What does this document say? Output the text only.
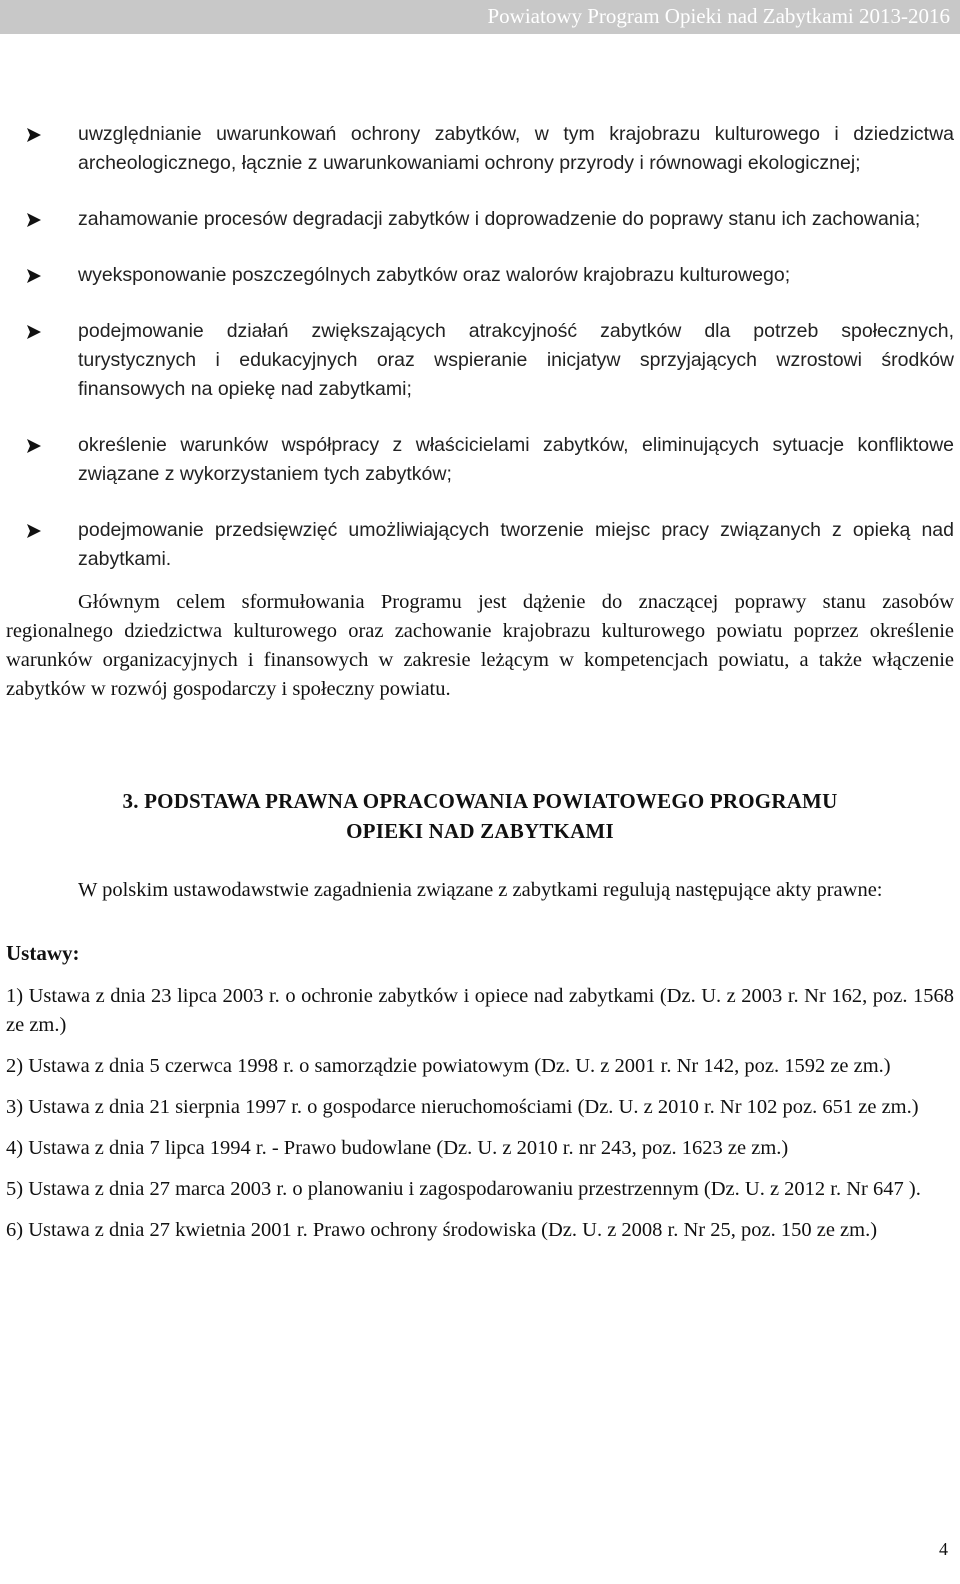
Powiatowy Program Opieki nad Zabytkami 2013-2016
uwzględnianie uwarunkowań ochrony zabytków, w tym krajobrazu kulturowego i dziedzictwa archeologicznego, łącznie z uwarunkowaniami ochrony przyrody i równowagi ekologicznej;
zahamowanie procesów degradacji zabytków i doprowadzenie do poprawy stanu ich zachowania;
wyeksponowanie poszczególnych zabytków oraz walorów krajobrazu kulturowego;
podejmowanie działań zwiększających atrakcyjność zabytków dla potrzeb społecznych, turystycznych i edukacyjnych oraz wspieranie inicjatyw sprzyjających wzrostowi środków finansowych na opiekę nad zabytkami;
określenie warunków współpracy z właścicielami zabytków, eliminujących sytuacje konfliktowe związane z wykorzystaniem tych zabytków;
podejmowanie przedsięwzięć umożliwiających tworzenie miejsc pracy związanych z opieką nad zabytkami.

Głównym celem sformułowania Programu jest dążenie do znaczącej poprawy stanu zasobów regionalnego dziedzictwa kulturowego oraz zachowanie krajobrazu kulturowego powiatu poprzez określenie warunków organizacyjnych i finansowych w zakresie leżącym w kompetencjach powiatu, a także włączenie zabytków w rozwój gospodarczy i społeczny powiatu.

3. PODSTAWA PRAWNA OPRACOWANIA POWIATOWEGO PROGRAMU
OPIEKI NAD ZABYTKAMI

W polskim ustawodawstwie zagadnienia związane z zabytkami regulują następujące akty prawne:

Ustawy:
1) Ustawa z dnia 23 lipca 2003 r. o ochronie zabytków i opiece nad zabytkami (Dz. U. z 2003 r. Nr 162, poz. 1568 ze zm.)
2) Ustawa z dnia 5 czerwca 1998 r. o samorządzie powiatowym (Dz. U. z 2001 r. Nr 142, poz. 1592 ze zm.)
3) Ustawa z dnia 21 sierpnia 1997 r. o gospodarce nieruchomościami (Dz. U. z 2010 r. Nr 102 poz. 651 ze zm.)
4) Ustawa z dnia 7 lipca 1994 r. - Prawo budowlane (Dz. U. z 2010 r. nr 243, poz. 1623 ze zm.)
5) Ustawa z dnia 27 marca 2003 r. o planowaniu i zagospodarowaniu przestrzennym (Dz. U. z 2012 r. Nr 647 ).
6) Ustawa z dnia 27 kwietnia 2001 r. Prawo ochrony środowiska (Dz. U. z 2008 r. Nr 25, poz. 150 ze zm.)
4
